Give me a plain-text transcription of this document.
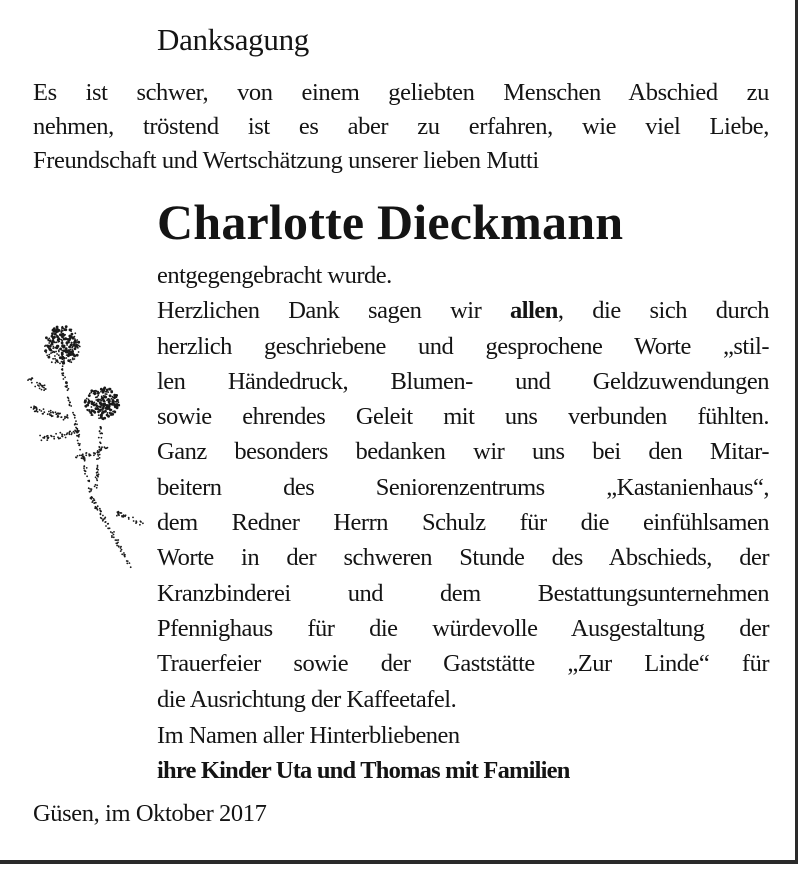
Danksagung
Es ist schwer, von einem geliebten Menschen Abschied zu
nehmen, tröstend ist es aber zu erfahren, wie viel Liebe,
Freundschaft und Wertschätzung unserer lieben Mutti
Charlotte Dieckmann
entgegengebracht wurde.
Herzlichen Dank sagen wir allen, die sich durch
herzlich geschriebene und gesprochene Worte „stil-
len Händedruck, Blumen- und Geldzuwendungen
sowie ehrendes Geleit mit uns verbunden fühlten.
Ganz besonders bedanken wir uns bei den Mitar-
beitern des Seniorenzentrums „Kastanienhaus“,
dem Redner Herrn Schulz für die einfühlsamen
Worte in der schweren Stunde des Abschieds, der
Kranzbinderei und dem Bestattungsunternehmen
Pfennighaus für die würdevolle Ausgestaltung der
Trauerfeier sowie der Gaststätte „Zur Linde“ für
die Ausrichtung der Kaffeetafel.
Im Namen aller Hinterbliebenen
ihre Kinder Uta und Thomas mit Familien
Güsen, im Oktober 2017
